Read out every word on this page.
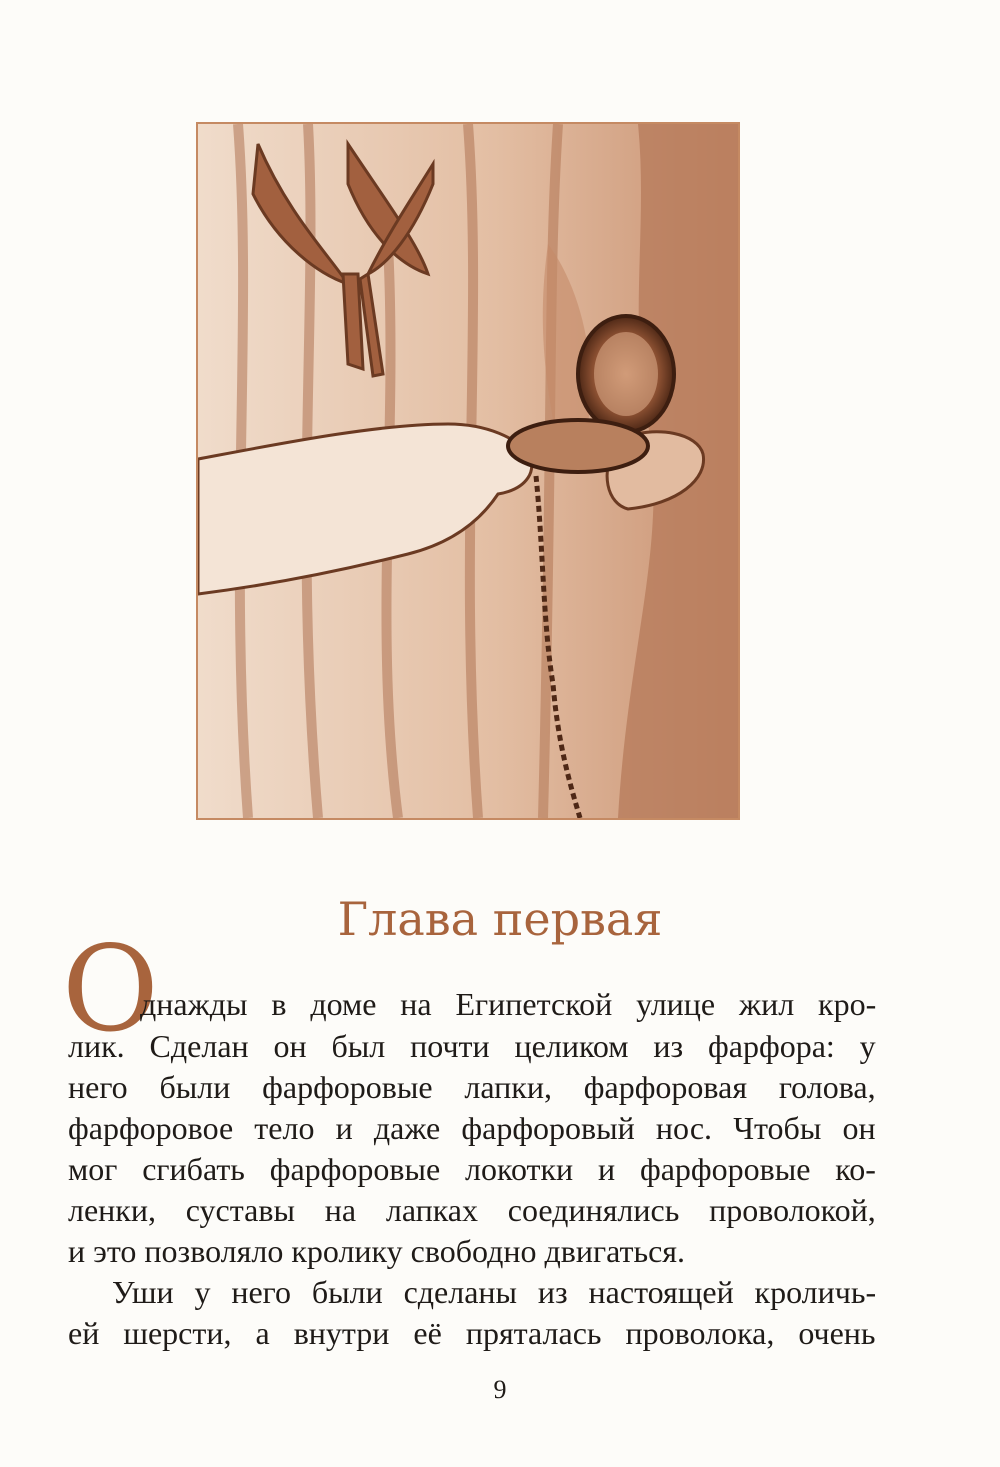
Глава первая
О
днажды в доме на Египетской улице жил кро-
лик. Сделан он был почти целиком из фарфора: у
него были фарфоровые лапки, фарфоровая голова,
фарфоровое тело и даже фарфоровый нос. Чтобы он
мог сгибать фарфоровые локотки и фарфоровые ко-
ленки, суставы на лапках соединялись проволокой,
и это позволяло кролику свободно двигаться.
Уши у него были сделаны из настоящей кроличь-
ей шерсти, а внутри её пряталась проволока, очень
9
